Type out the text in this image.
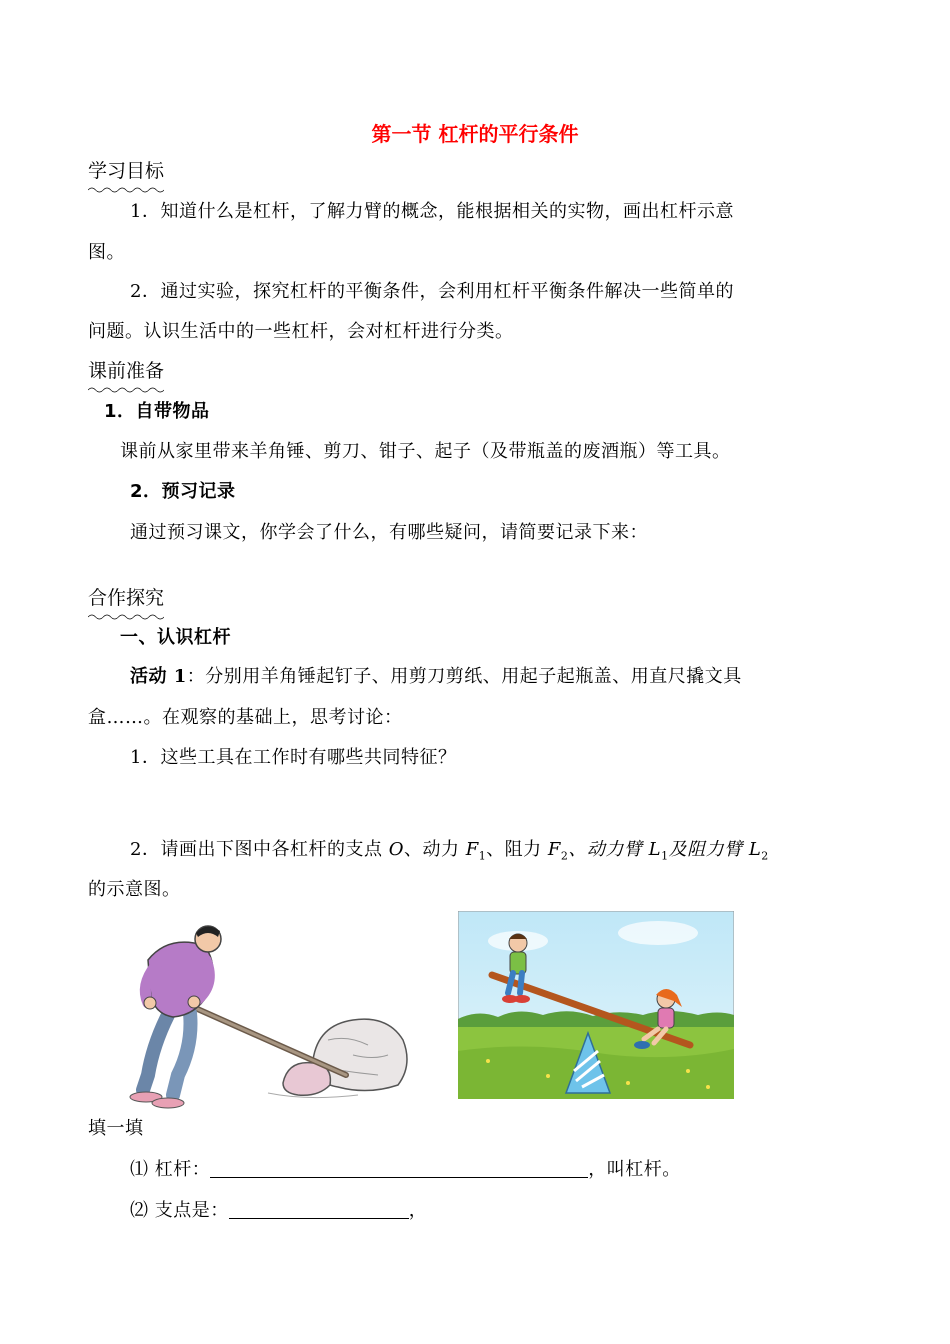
第一节 杠杆的平行条件
学习目标
1．知道什么是杠杆，了解力臂的概念，能根据相关的实物，画出杠杆示意
图。
2．通过实验，探究杠杆的平衡条件，会利用杠杆平衡条件解决一些简单的
问题。认识生活中的一些杠杆，会对杠杆进行分类。
课前准备
1．自带物品
课前从家里带来羊角锤、剪刀、钳子、起子（及带瓶盖的废酒瓶）等工具。
2．预习记录
通过预习课文，你学会了什么，有哪些疑问，请简要记录下来：
合作探究
一、认识杠杆
活动 1：分别用羊角锤起钉子、用剪刀剪纸、用起子起瓶盖、用直尺撬文具
盒……。在观察的基础上，思考讨论：
1．这些工具在工作时有哪些共同特征？
2．请画出下图中各杠杆的支点 O、动力 $F_1$、阻力 $F_2$、动力臂 $L_1$及阻力臂 $L_2$
的示意图。
填一填
⑴ 杠杆：	，叫杠杆。
⑵ 支点是：	，
